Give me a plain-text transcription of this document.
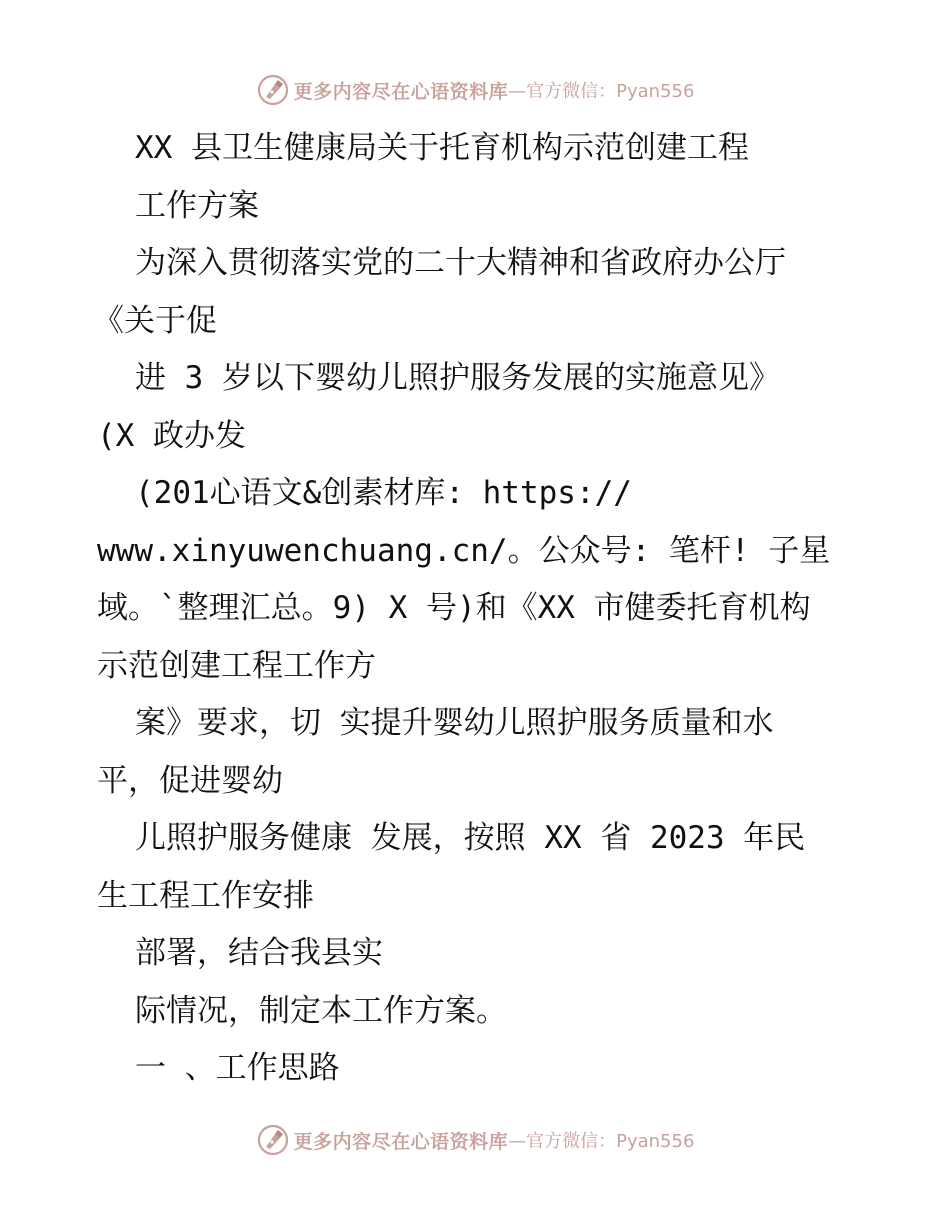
更多内容尽在心语资料库 —官方微信：Pyan556
XX 县卫生健康局关于托育机构示范创建工程
工作方案
为深入贯彻落实党的二十大精神和省政府办公厅
《关于促
进 3 岁以下婴幼儿照护服务发展的实施意见》
(X 政办发
(201心语文&创素材库: https://
www.xinyuwenchuang.cn/。公众号: 笔杆! 子星
域。`整理汇总。9) X 号)和《XX 市健委托育机构
示范创建工程工作方
案》要求，切 实提升婴幼儿照护服务质量和水
平，促进婴幼
儿照护服务健康 发展，按照 XX 省 2023 年民
生工程工作安排
部署，结合我县实
际情况，制定本工作方案。
一 、工作思路
更多内容尽在心语资料库 —官方微信：Pyan556
